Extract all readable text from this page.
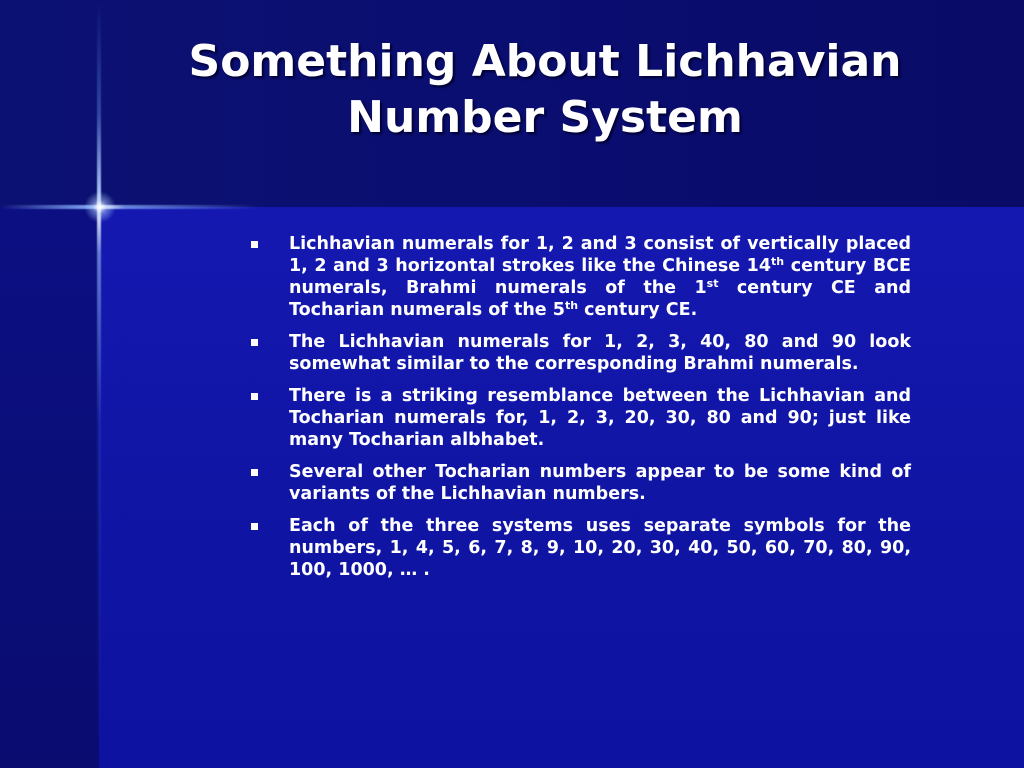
Something About Lichhavian
Number System
Lichhavian numerals for 1, 2 and 3 consist of vertically placed 1, 2 and 3 horizontal strokes like the Chinese 14th century BCE numerals, Brahmi numerals of the 1st century CE and Tocharian numerals of the 5th century CE.
The Lichhavian numerals for 1, 2, 3, 40, 80 and 90 look somewhat similar to the corresponding Brahmi numerals.
There is a striking resemblance between the Lichhavian and Tocharian numerals for, 1, 2, 3, 20, 30, 80 and 90; just like many Tocharian albhabet.
Several other Tocharian numbers appear to be some kind of variants of the Lichhavian numbers.
Each of the three systems uses separate symbols for the numbers, 1, 4, 5, 6, 7, 8, 9, 10, 20, 30, 40, 50, 60, 70, 80, 90, 100, 1000, … .
